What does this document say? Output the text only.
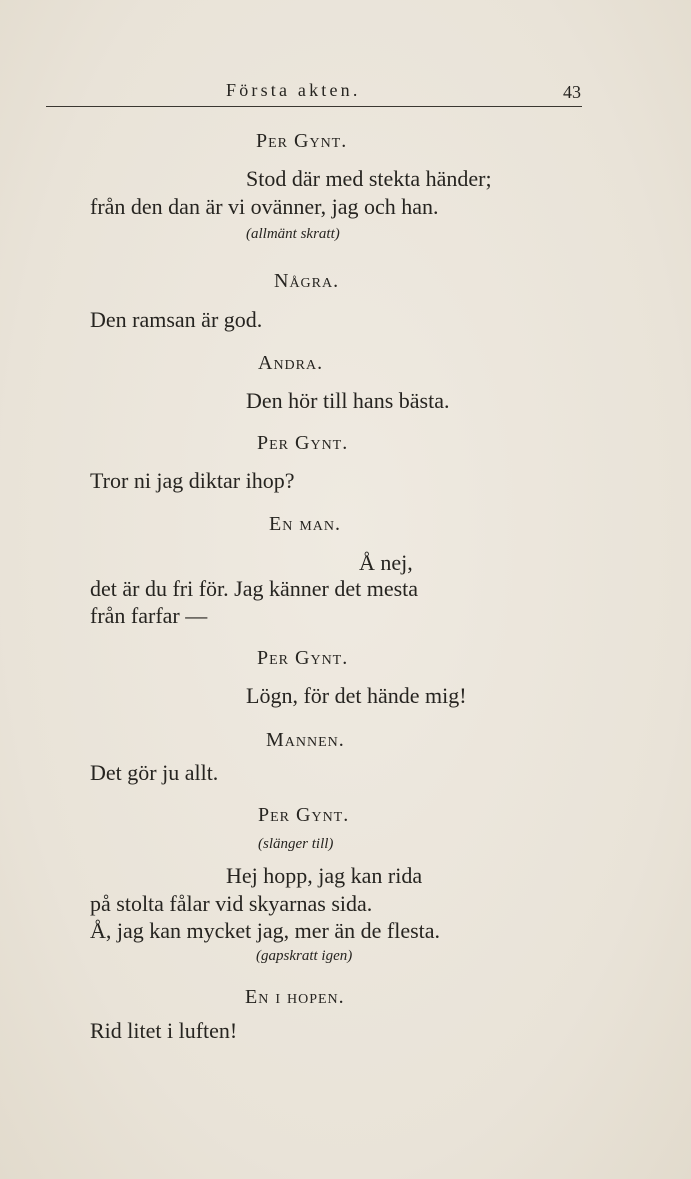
Första akten.	43
Per Gynt.
Stod där med stekta händer;
från den dan är vi ovänner, jag och han.
(allmänt skratt)
Några.
Den ramsan är god.
Andra.
Den hör till hans bästa.
Per Gynt.
Tror ni jag diktar ihop?
En man.
Å nej,
det är du fri för. Jag känner det mesta
från farfar —
Per Gynt.
Lögn, för det hände mig!
Mannen.
Det gör ju allt.
Per Gynt.
(slänger till)
Hej hopp, jag kan rida
på stolta fålar vid skyarnas sida.
Å, jag kan mycket jag, mer än de flesta.
(gapskratt igen)
En i hopen.
Rid litet i luften!
